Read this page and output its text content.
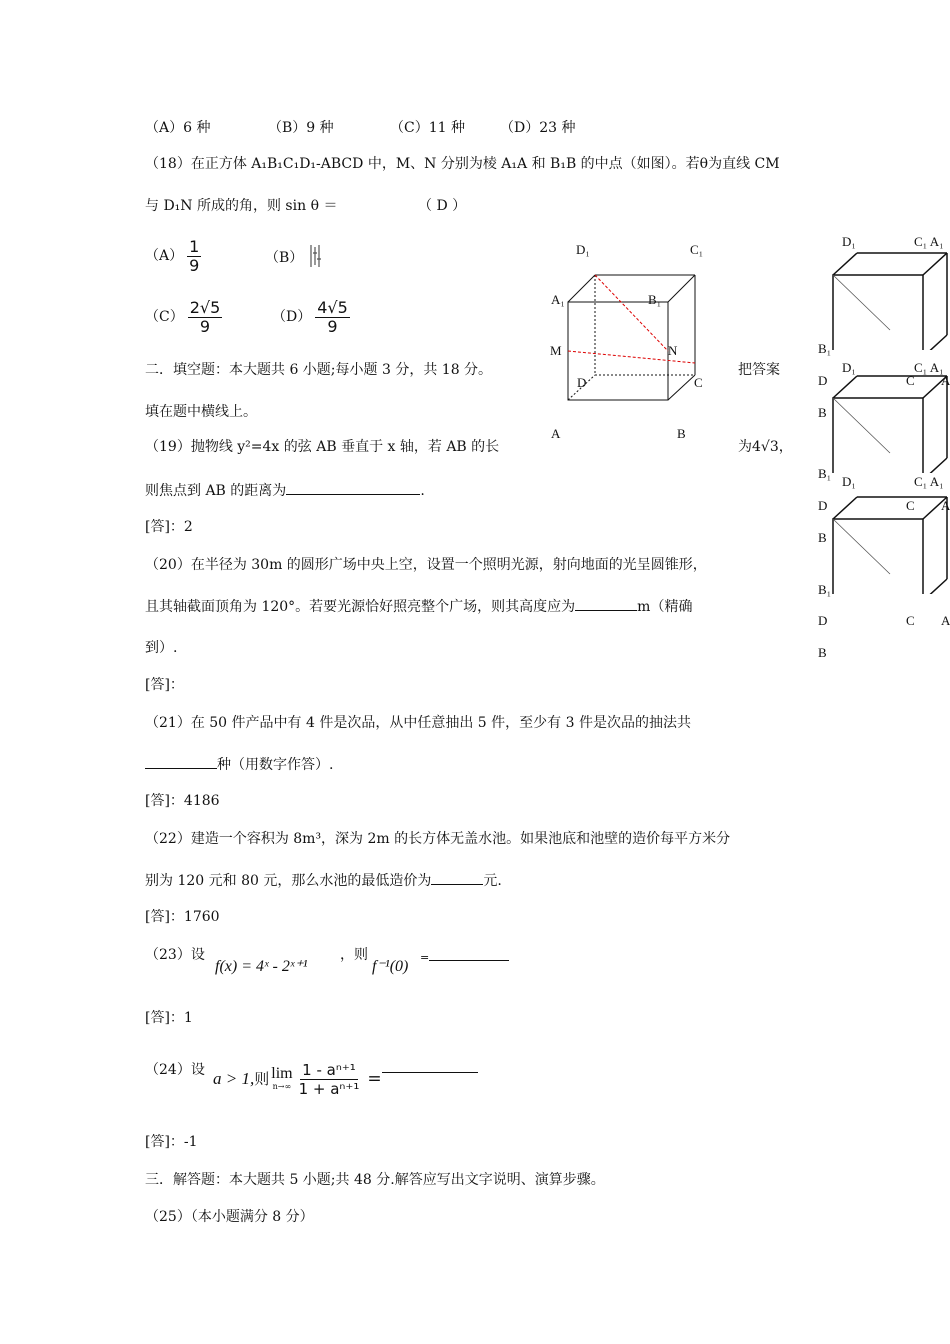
（A）6 种	（B）9 种	（C）11 种	（D）23 种
（18）在正方体 A₁B₁C₁D₁-ABCD 中，M、N 分别为棱 A₁A 和 B₁B 的中点（如图）。若θ为直线 CM
与 D₁N 所成的角，则 sin θ ＝	（ D ）
$(A) \frac{1}{9}$	（B）
$(C) \frac{2√5}{9}$	$(D) \frac{4√5}{9}$
D₁	C₁
A₁	B₁
M	N
D	C
A	B
D₁	C₁ A₁
B₁
D₁	C₁ A₁
D	C A
B
B₁
D₁	C₁ A₁
D	C A
B
B₁
D	C A
B
二．填空题：本大题共 6 小题;每小题 3 分，共 18 分。	把答案
填在题中横线上。
（19）抛物线 y²=4x 的弦 AB 垂直于 x 轴，若 AB 的长	为4√3，
则焦点到 AB 的距离为	.
[答]：2
（20）在半径为 30m 的圆形广场中央上空，设置一个照明光源，射向地面的光呈圆锥形，
且其轴截面顶角为 120°。若要光源恰好照亮整个广场，则其高度应为	m（精确
到）.
[答]：
（21）在 50 件产品中有 4 件是次品，从中任意抽出 5 件，至少有 3 件是次品的抽法共
种（用数字作答）.
[答]：4186
（22）建造一个容积为 8m³，深为 2m 的长方体无盖水池。如果池底和池壁的造价每平方米分
别为 120 元和 80 元，那么水池的最低造价为	元.
[答]：1760
（23）设
f(x) = 4ˣ - 2ˣ⁺¹
，则
f⁻¹(0)
=
[答]：1
（24）设 a > 1, 则 lim
$n\to\infty \frac{\text{1 - aⁿ⁺¹}}{\text{1 + aⁿ⁺¹}}$ =
[答]：-1
三．解答题：本大题共 5 小题;共 48 分.解答应写出文字说明、演算步骤。
（25）（本小题满分 8 分）
